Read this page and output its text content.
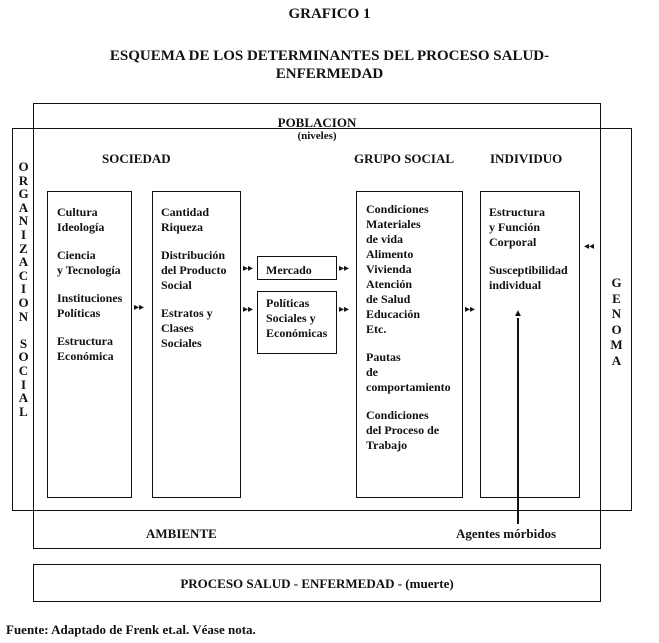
GRAFICO 1
ESQUEMA DE LOS DETERMINANTES DEL PROCESO SALUD-
ENFERMEDAD
O
R
G
A
N
I
Z
A
C
I
O
N
S
O
C
I
A
L
G
E
N
O
M
A
POBLACION
(niveles)
SOCIEDAD	GRUPO SOCIAL	INDIVIDUO
Cultura
Ideología
Ciencia
y Tecnología
Instituciones
Políticas
Estructura
Económica
Cantidad
Riqueza
Distribución
del Producto
Social
Estratos y
Clases
Sociales
Mercado
Políticas
Sociales y
Económicas
Condiciones
Materiales
de vida
Alimento
Vivienda
Atención
de Salud
Educación
Etc.
Pautas
de
comportamiento
Condiciones
del Proceso de
Trabajo
Estructura
y Función
Corporal
Susceptibilidad
individual
▸▸
▸▸
▸▸
▸▸
▸▸	▸▸
◂◂
▲
AMBIENTE	Agentes mórbidos
PROCESO SALUD - ENFERMEDAD - (muerte)
Fuente: Adaptado de Frenk et.al. Véase nota.
